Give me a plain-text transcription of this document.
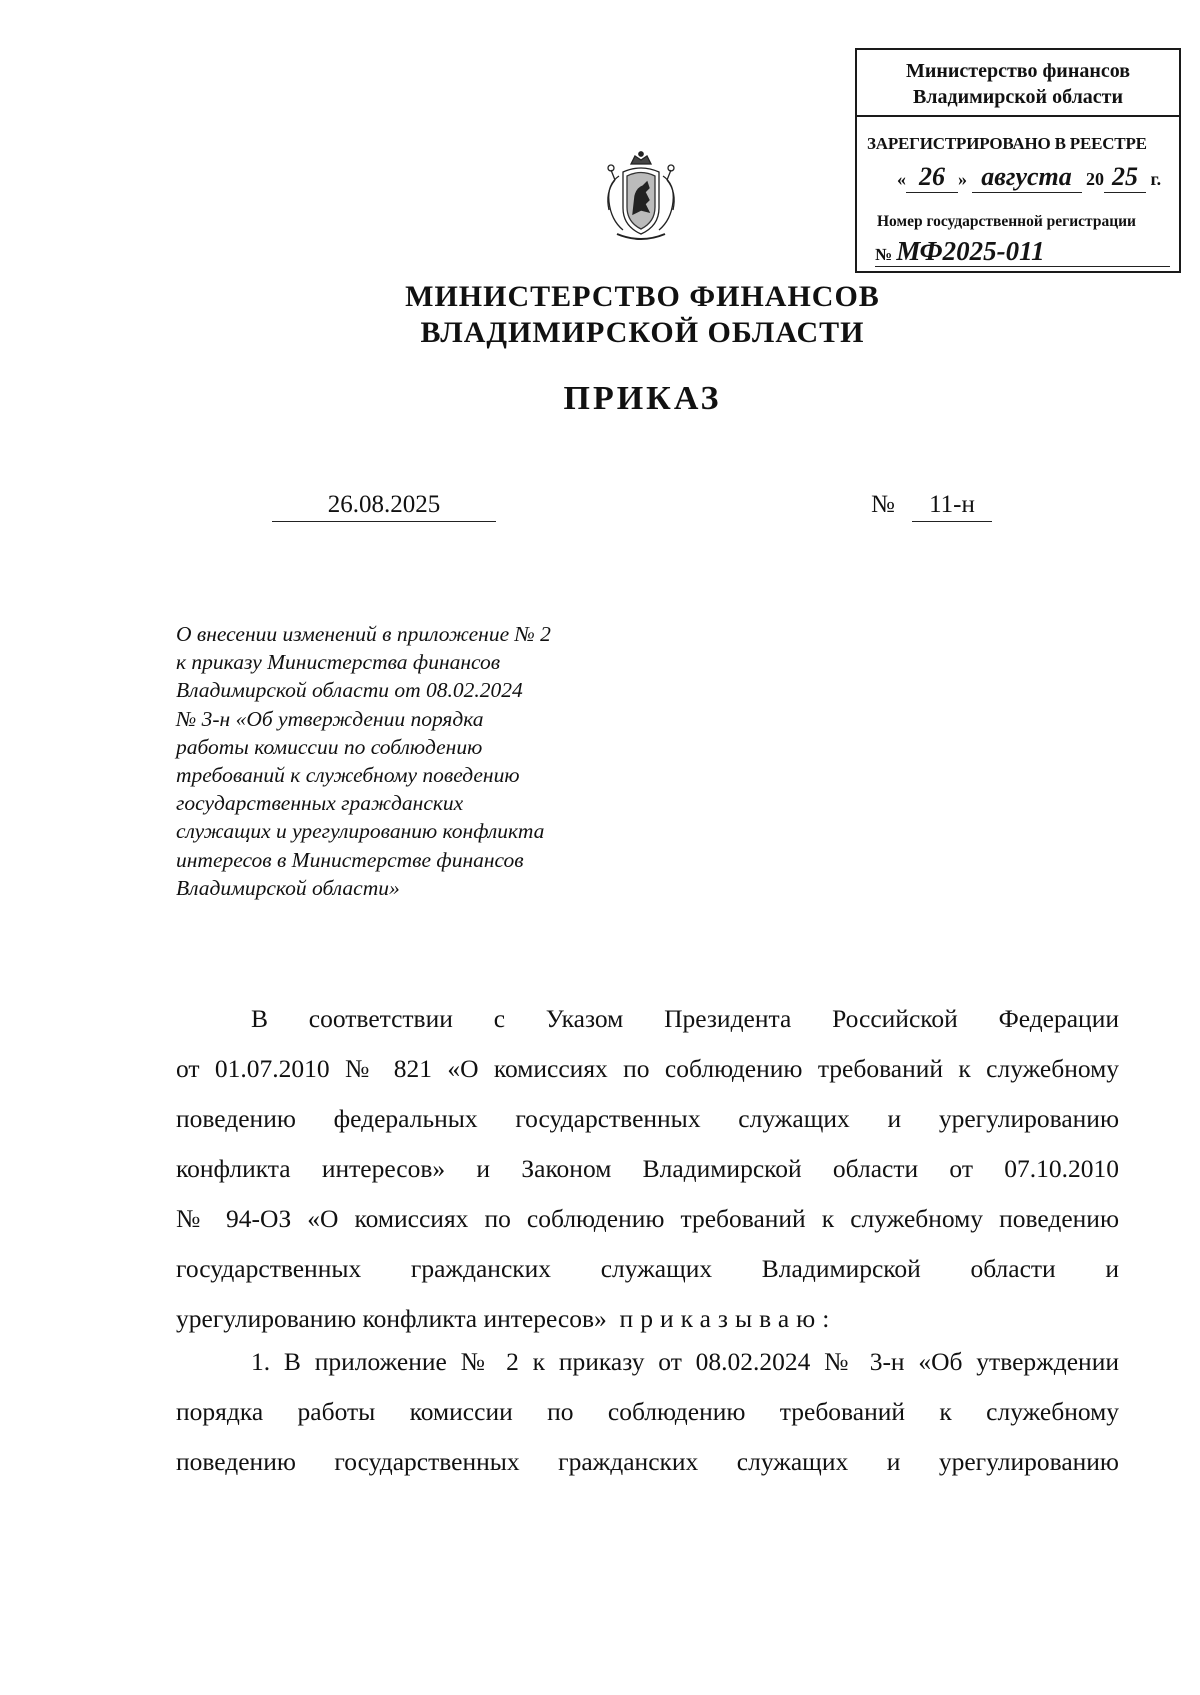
Министерство финансов
Владимирской области
ЗАРЕГИСТРИРОВАНО В РЕЕСТРЕ
« 26 » августа 20 25 г.
Номер государственной регистрации
№ МФ2025-011
МИНИСТЕРСТВО ФИНАНСОВ
ВЛАДИМИРСКОЙ ОБЛАСТИ
ПРИКАЗ
26.08.2025	№	11-н
О внесении изменений в приложение № 2
к приказу Министерства финансов
Владимирской области от 08.02.2024
№ 3-н «Об утверждении порядка
работы комиссии по соблюдению
требований к служебному поведению
государственных гражданских
служащих и урегулированию конфликта
интересов в Министерстве финансов
Владимирской области»
В соответствии с Указом Президента Российской Федерации
от 01.07.2010 № 821 «О комиссиях по соблюдению требований к служебному
поведению федеральных государственных служащих и урегулированию
конфликта интересов» и Законом Владимирской области от 07.10.2010
№ 94-ОЗ «О комиссиях по соблюдению требований к служебному поведению
государственных гражданских служащих Владимирской области и
урегулированию конфликта интересов» приказываю:
1. В приложение № 2 к приказу от 08.02.2024 № 3-н «Об утверждении
порядка работы комиссии по соблюдению требований к служебному
поведению государственных гражданских служащих и урегулированию
